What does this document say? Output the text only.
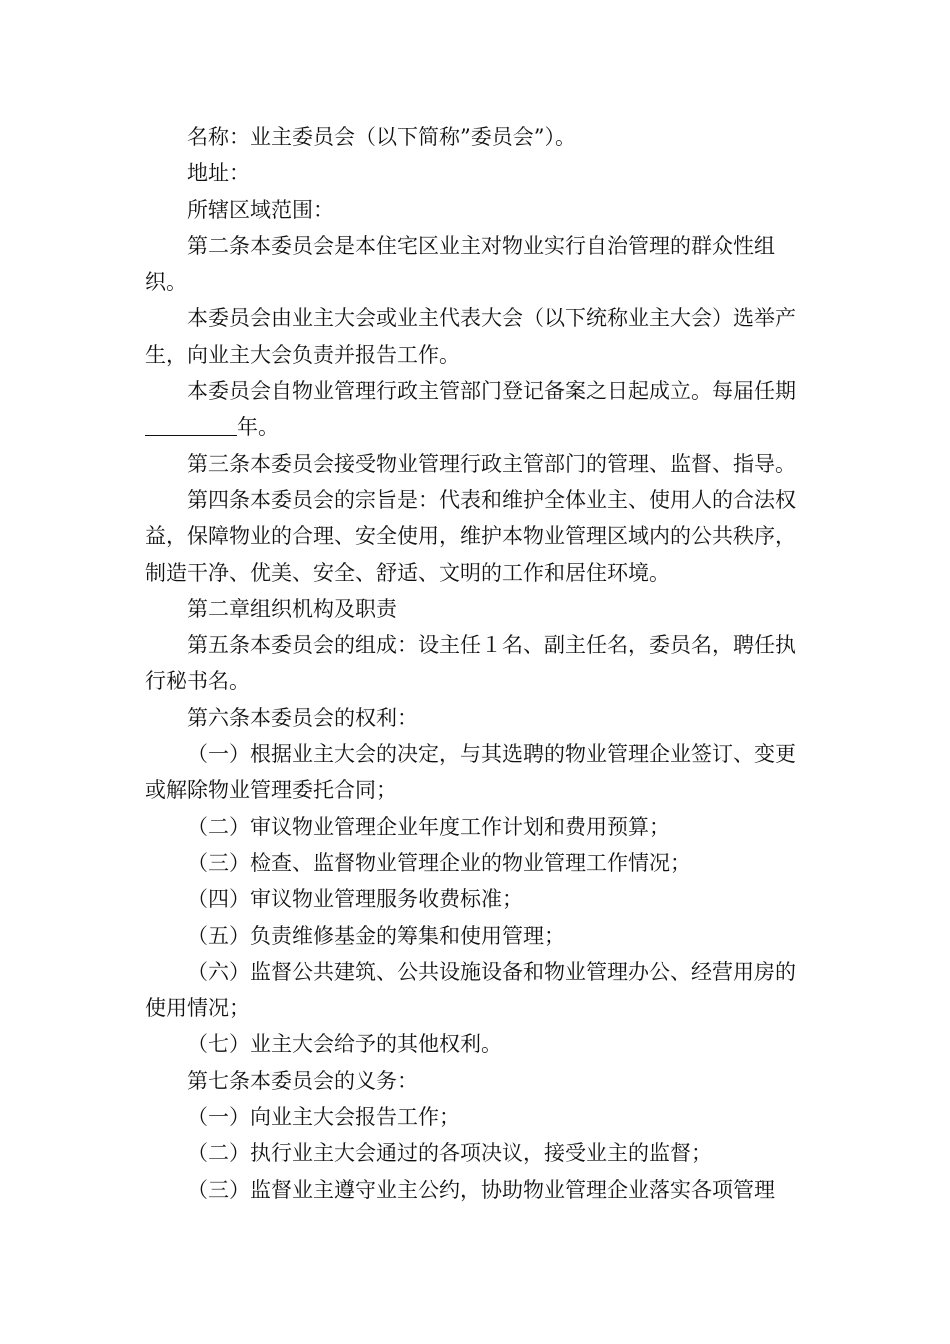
名称：业主委员会（以下简称”委员会”）。

地址：

所辖区域范围：

第二条本委员会是本住宅区业主对物业实行自治管理的群众性组织。

本委员会由业主大会或业主代表大会（以下统称业主大会）选举产生，向业主大会负责并报告工作。

本委员会自物业管理行政主管部门登记备案之日起成立。每届任期年。

第三条本委员会接受物业管理行政主管部门的管理、监督、指导。

第四条本委员会的宗旨是：代表和维护全体业主、使用人的合法权益，保障物业的合理、安全使用，维护本物业管理区域内的公共秩序，制造干净、优美、安全、舒适、文明的工作和居住环境。

第二章组织机构及职责

第五条本委员会的组成：设主任１名、副主任名，委员名，聘任执行秘书名。

第六条本委员会的权利：

（一）根据业主大会的决定，与其选聘的物业管理企业签订、变更或解除物业管理委托合同；

（二）审议物业管理企业年度工作计划和费用预算；

（三）检查、监督物业管理企业的物业管理工作情况；

（四）审议物业管理服务收费标准；

（五）负责维修基金的筹集和使用管理；

（六）监督公共建筑、公共设施设备和物业管理办公、经营用房的使用情况；

（七）业主大会给予的其他权利。

第七条本委员会的义务：

（一）向业主大会报告工作；

（二）执行业主大会通过的各项决议，接受业主的监督；

（三）监督业主遵守业主公约，协助物业管理企业落实各项管理
